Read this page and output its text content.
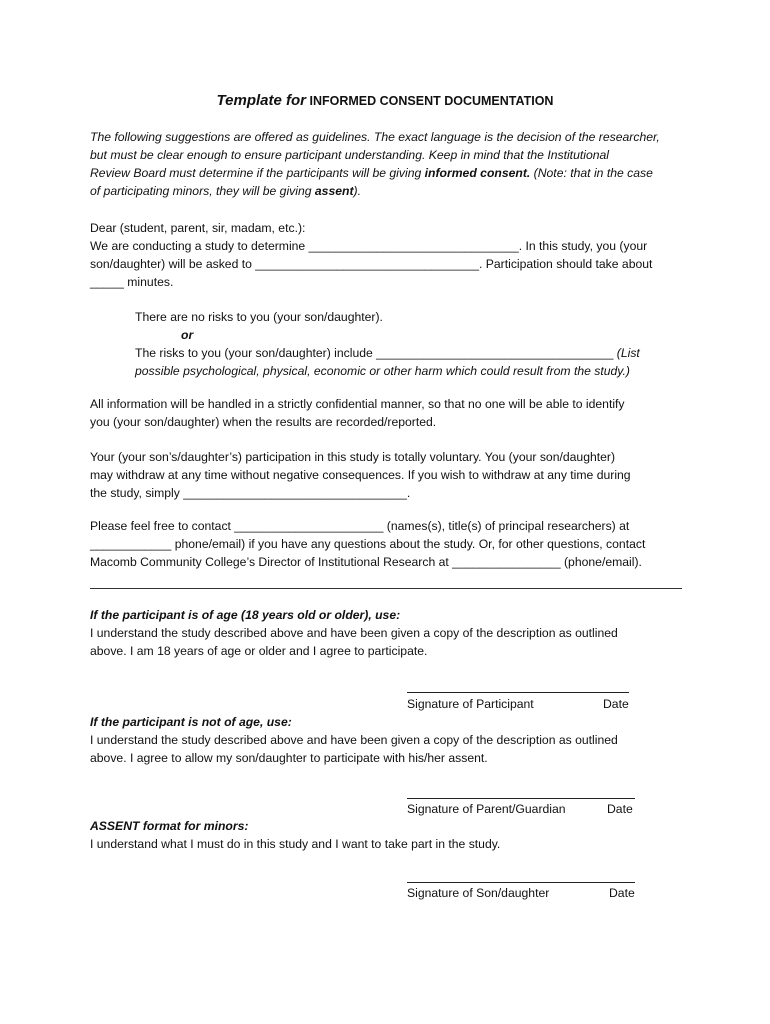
Template for INFORMED CONSENT DOCUMENTATION
The following suggestions are offered as guidelines. The exact language is the decision of the researcher,
but must be clear enough to ensure participant understanding. Keep in mind that the Institutional
Review Board must determine if the participants will be giving informed consent. (Note: that in the case
of participating minors, they will be giving assent).
Dear (student, parent, sir, madam, etc.):
We are conducting a study to determine _______________________________. In this study, you (your
son/daughter) will be asked to _________________________________. Participation should take about
_____ minutes.
There are no risks to you (your son/daughter).
or
The risks to you (your son/daughter) include ___________________________________ (List
possible psychological, physical, economic or other harm which could result from the study.)
All information will be handled in a strictly confidential manner, so that no one will be able to identify
you (your son/daughter) when the results are recorded/reported.
Your (your son’s/daughter’s) participation in this study is totally voluntary. You (your son/daughter)
may withdraw at any time without negative consequences. If you wish to withdraw at any time during
the study, simply _________________________________.
Please feel free to contact ______________________ (names(s), title(s) of principal researchers) at
____________ phone/email) if you have any questions about the study. Or, for other questions, contact
Macomb Community College’s Director of Institutional Research at ________________ (phone/email).
If the participant is of age (18 years old or older), use:
I understand the study described above and have been given a copy of the description as outlined
above. I am 18 years of age or older and I agree to participate.
Signature of Participant	Date
If the participant is not of age, use:
I understand the study described above and have been given a copy of the description as outlined
above. I agree to allow my son/daughter to participate with his/her assent.
Signature of Parent/Guardian	Date
ASSENT format for minors:
I understand what I must do in this study and I want to take part in the study.
Signature of Son/daughter	Date
